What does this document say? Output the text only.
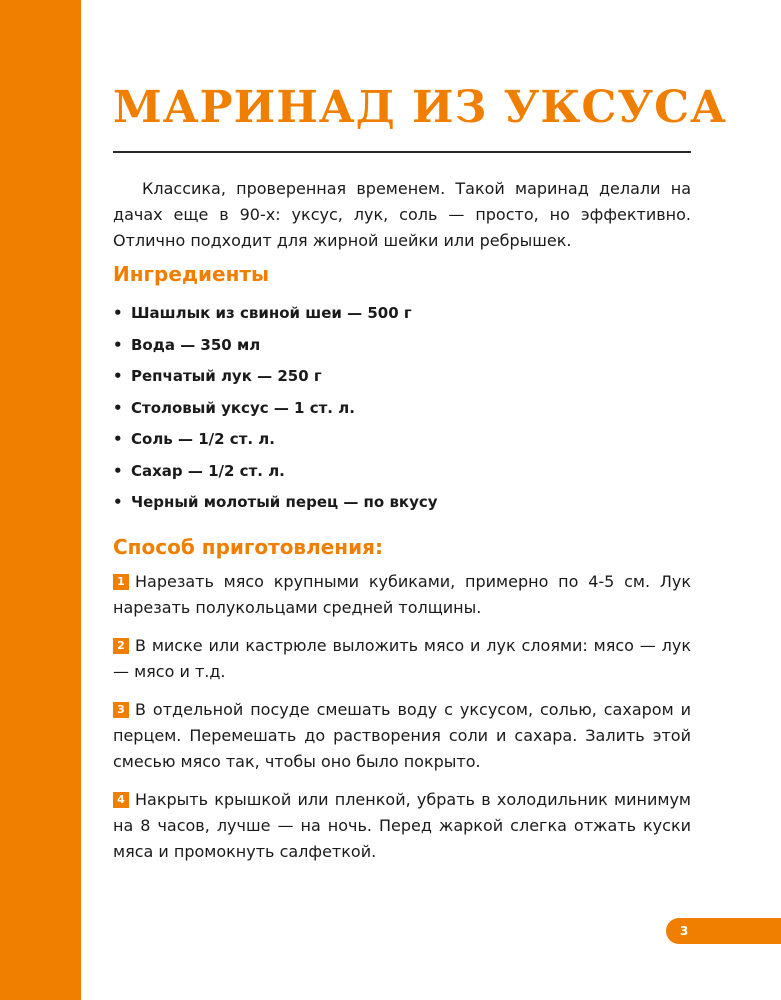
МАРИНАД ИЗ УКСУСА

Классика, проверенная временем. Такой маринад делали на дачах еще в 90-х: уксус, лук, соль — просто, но эффективно. Отлично подходит для жирной шейки или ребрышек.

Ингредиенты
• Шашлык из свиной шеи — 500 г
• Вода — 350 мл
• Репчатый лук — 250 г
• Столовый уксус — 1 ст. л.
• Соль — 1/2 ст. л.
• Сахар — 1/2 ст. л.
• Черный молотый перец — по вкусу
Способ приготовления:
1 Нарезать мясо крупными кубиками, примерно по 4-5 см. Лук нарезать полукольцами средней толщины.
2 В миске или кастрюле выложить мясо и лук слоями: мясо — лук — мясо и т.д.
3 В отдельной посуде смешать воду с уксусом, солью, сахаром и перцем. Перемешать до растворения соли и сахара. Залить этой смесью мясо так, чтобы оно было покрыто.
4 Накрыть крышкой или пленкой, убрать в холодильник минимум на 8 часов, лучше — на ночь. Перед жаркой слегка отжать куски мяса и промокнуть салфеткой.
3
